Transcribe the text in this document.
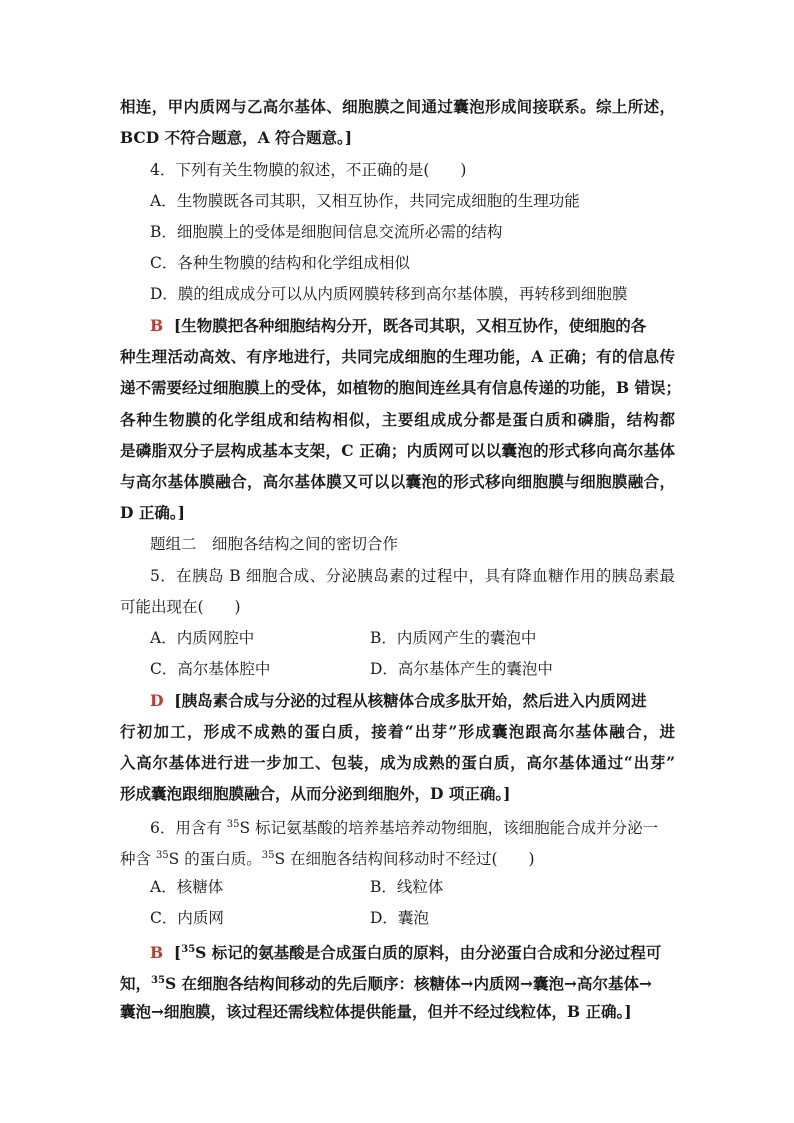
相连，甲内质网与乙高尔基体、细胞膜之间通过囊泡形成间接联系。综上所述，
BCD 不符合题意，A 符合题意。]
4．下列有关生物膜的叙述，不正确的是(　　)
A．生物膜既各司其职，又相互协作，共同完成细胞的生理功能
B．细胞膜上的受体是细胞间信息交流所必需的结构
C．各种生物膜的结构和化学组成相似
D．膜的组成成分可以从内质网膜转移到高尔基体膜，再转移到细胞膜
B [生物膜把各种细胞结构分开，既各司其职，又相互协作，使细胞的各
种生理活动高效、有序地进行，共同完成细胞的生理功能，A 正确；有的信息传
递不需要经过细胞膜上的受体，如植物的胞间连丝具有信息传递的功能，B 错误；
各种生物膜的化学组成和结构相似，主要组成成分都是蛋白质和磷脂，结构都
是磷脂双分子层构成基本支架，C 正确；内质网可以以囊泡的形式移向高尔基体
与高尔基体膜融合，高尔基体膜又可以以囊泡的形式移向细胞膜与细胞膜融合，
D 正确。]
题组二　细胞各结构之间的密切合作
5．在胰岛 B 细胞合成、分泌胰岛素的过程中，具有降血糖作用的胰岛素最
可能出现在(　　)
A．内质网腔中	B．内质网产生的囊泡中
C．高尔基体腔中	D．高尔基体产生的囊泡中
D [胰岛素合成与分泌的过程从核糖体合成多肽开始，然后进入内质网进
行初加工，形成不成熟的蛋白质，接着“出芽”形成囊泡跟高尔基体融合，进
入高尔基体进行进一步加工、包装，成为成熟的蛋白质，高尔基体通过“出芽”
形成囊泡跟细胞膜融合，从而分泌到细胞外，D 项正确。]
6．用含有 $^{35}$S 标记氨基酸的培养基培养动物细胞，该细胞能合成并分泌一
种含 $^{35}$S 的蛋白质。$^{35}$S 在细胞各结构间移动时不经过(　　)
A．核糖体	B．线粒体
C．内质网	D．囊泡
B [$^{35}$S 标记的氨基酸是合成蛋白质的原料，由分泌蛋白合成和分泌过程可
知，$^{35}$S 在细胞各结构间移动的先后顺序：核糖体→内质网→囊泡→高尔基体→
囊泡→细胞膜，该过程还需线粒体提供能量，但并不经过线粒体，B 正确。]
